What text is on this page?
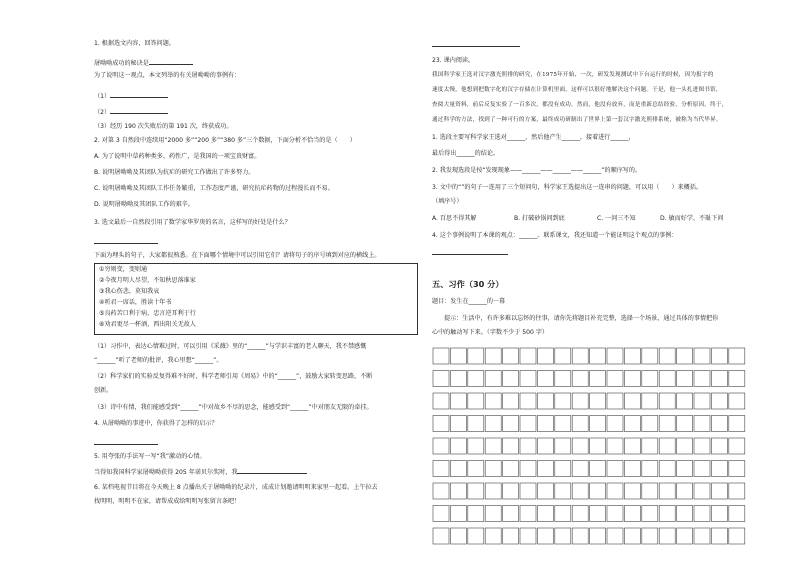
1. 根据选文内容，回答问题。
屠呦呦成功的秘诀是
为了说明这一观点，本文列举的有关屠呦呦的事例有：
（1）
（2）
（3）经历 190 次失败后的第 191 次，终获成功。
2. 对第 3 自然段中连续用“2000 多”“200 多”“380 多”三个数据，下面分析不恰当的是（　　）
A. 为了说明中草药种类多、药性广，是我国的一项宝贵财富。
B. 说明屠呦呦及其团队为抗疟的研究工作做出了许多努力。
C. 说明屠呦呦及其团队工作任务繁重，工作态度严谨，研究抗疟药物的过程漫长而不易。
D. 说明屠呦呦及其团队工作的艰辛。
3. 选文最后一自然段引用了数学家华罗庚的名言，这样写的好处是什么？
下面为埋头的句子，大家都很熟悉。在下面哪个情境中可以引用它们？请将句子的序号填到对应的横线上。
①穷则变，变则通
②今夜月明人尽望，不知秋思落谁家
③我心伤悲，莫知我哀
④听君一席话，胜读十年书
⑤良药苦口利于病，忠言逆耳利于行
⑥劝君更尽一杯酒，西出阳关无故人
（1）习作中，表达心情难过时，可以引用《采薇》里的“______”与学识丰富的老人聊天，我不禁感慨
“______”听了老师的批评，我心里想“______”。
（2）科学家们的实验反复得难不好时，科学老师引用《周易》中的“______”，鼓励大家转变思路，不断
创新。
（3）诗中有情，我们能感受到“______”中对故乡不尽的思念，能感受到“______”中对朋友无限的牵挂。
4. 从屠呦呦的事迹中，你获得了怎样的启示？
5. 用夸张的手法写一写“我”激动的心情。
当得知我国科学家屠呦呦获得 205 年诺贝尔奖时，我
6. 某档电视节目将在今天晚上 8 点播出关于屠呦呦的纪录片，成成计划邀请明明来家里一起看。上午拉去
找明明，明明不在家，请帮成成给明明写张留言条吧！
23. 课内阅读。
我国科学家王选对汉字激光照排的研究，在1975年开始，一次，研发发现测试中下台运行的时候，因为报字的
速度太慢，他想到把数字化的汉字存储在计算机里面，这样可以很好地解决这个问题。于是，他一头扎进图书馆，
查阅大量资料，前后反复实验了一百多次，都没有成功。然而，他没有放弃，而是重新总结经验，分析原因。终于，
通过科学的方法，找到了一种可行的方案，最终成功研制出了世界上第一套汉字激光照排系统，被称为当代毕昇。
1. 选段主要写科学家王选对______，然后他产生______，接着进行______，
最后得出______的结论。
2. 我发现选段是按“发现现象——______——______——______”的顺序写的。
3. 文中的“”的句子一连用了三个短问句，科学家王选提出这一连串的问题，可以用（　　）来概括。
（填序号）
A. 百思不得其解	B. 打破砂锅问到底	C. 一问三不知	D. 敏而好学，不耻下问
4. 这个事例说明了本课的观点：______。联系课文，我还知道一个能证明这个观点的事例：
五、习作（30 分）
题目：发生在______的一幕
提示：生活中，有许多难以忘怀的往事，请你先将题目补充完整，选择一个场景，通过具体的事情把你
心中的触动写下来。（字数不少于 500 字）
